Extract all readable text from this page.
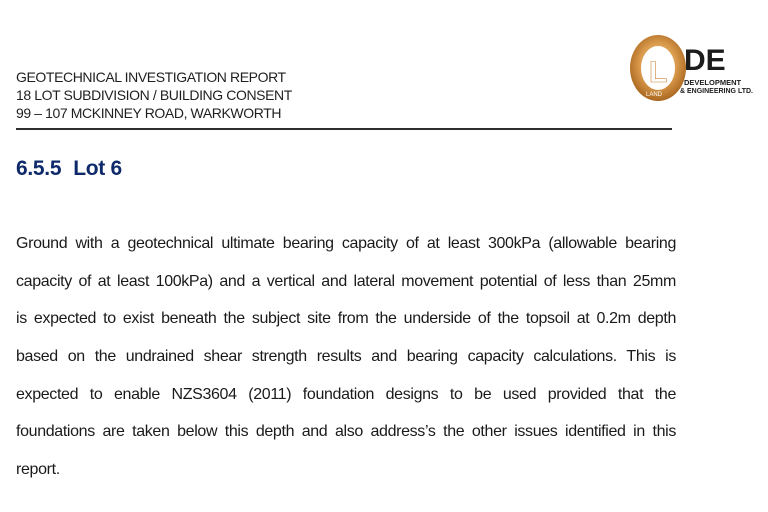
GEOTECHNICAL INVESTIGATION REPORT
18 LOT SUBDIVISION / BUILDING CONSENT
99 – 107 MCKINNEY ROAD, WARKWORTH
L
LAND
DE
DEVELOPMENT
& ENGINEERING LTD.
6.5.5 Lot 6
Ground with a geotechnical ultimate bearing capacity of at least 300kPa (allowable bearing
capacity of at least 100kPa) and a vertical and lateral movement potential of less than 25mm
is expected to exist beneath the subject site from the underside of the topsoil at 0.2m depth
based on the undrained shear strength results and bearing capacity calculations. This is
expected to enable NZS3604 (2011) foundation designs to be used provided that the
foundations are taken below this depth and also address’s the other issues identified in this
report.
